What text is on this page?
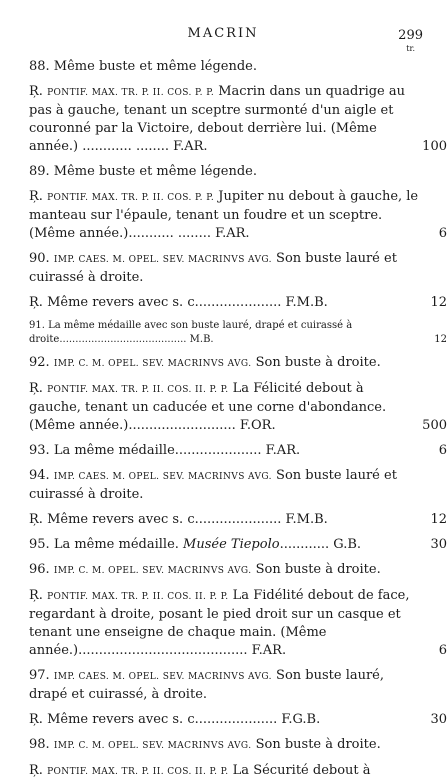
MACRIN	299
tr.
88. Même buste et même légende.
Ŗ. PONTIF. MAX. TR. P. II. COS. P. P. Macrin dans un quadrige au pas à gauche, tenant un sceptre surmonté d'un aigle et couronné par la Victoire, debout derrière lui. (Même année.) ............ ........ F.AR.	100
89. Même buste et même légende.
Ŗ. PONTIF. MAX. TR. P. II. COS. P. P. Jupiter nu debout à gauche, le manteau sur l'épaule, tenant un foudre et un sceptre. (Même année.)........... ........ F.AR.	6
90. IMP. CAES. M. OPEL. SEV. MACRINVS AVG. Son buste lauré et cuirassé à droite.
Ŗ. Même revers avec s. c..................... F.M.B.	12
91. La même médaille avec son buste lauré, drapé et cuirassé à droite........................................ M.B.	12
92. IMP. C. M. OPEL. SEV. MACRINVS AVG. Son buste à droite.
Ŗ. PONTIF. MAX. TR. P. II. COS. II. P. P. La Félicité debout à gauche, tenant un caducée et une corne d'abondance. (Même année.).......................... F.OR.	500
93. La même médaille..................... F.AR.	6
94. IMP. CAES. M. OPEL. SEV. MACRINVS AVG. Son buste lauré et cuirassé à droite.
Ŗ. Même revers avec s. c..................... F.M.B.	12
95. La même médaille. Musée Tiepolo............ G.B.	30
96. IMP. C. M. OPEL. SEV. MACRINVS AVG. Son buste à droite.
Ŗ. PONTIF. MAX. TR. P. II. COS. II. P. P. La Fidélité debout de face, regardant à droite, posant le pied droit sur un casque et tenant une enseigne de chaque main. (Même année.)......................................... F.AR.	6
97. IMP. CAES. M. OPEL. SEV. MACRINVS AVG. Son buste lauré, drapé et cuirassé, à droite.
Ŗ. Même revers avec s. c.................... F.G.B.	30
98. IMP. C. M. OPEL. SEV. MACRINVS AVG. Son buste à droite.
Ŗ. PONTIF. MAX. TR. P. II. COS. II. P. P. La Sécurité debout à
